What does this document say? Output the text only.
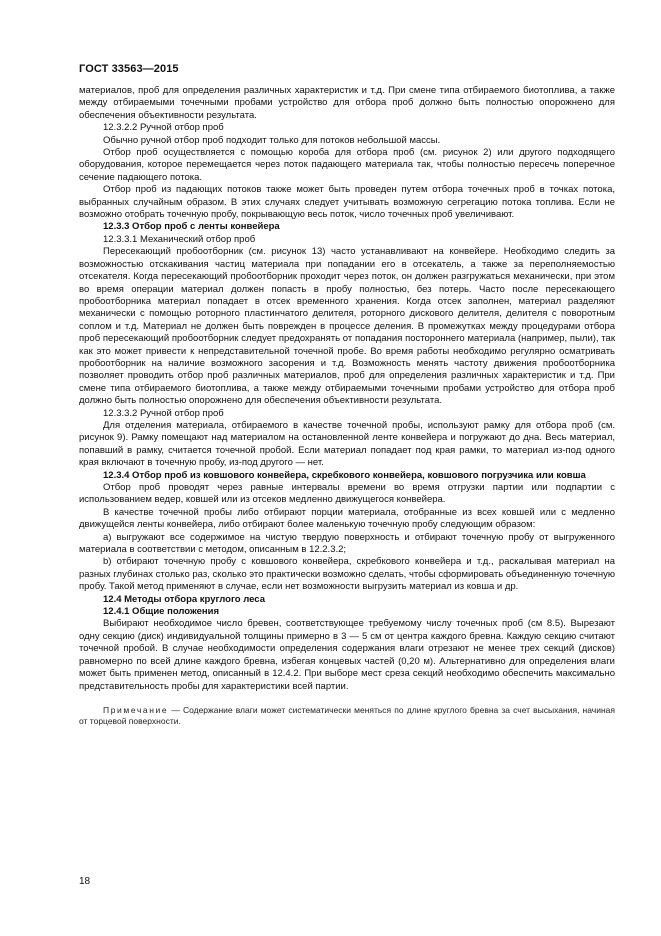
ГОСТ 33563—2015

материалов, проб для определения различных характеристик и т.д. При смене типа отбираемого биотоплива, а также между отбираемыми точечными пробами устройство для отбора проб должно быть полностью опорожнено для обеспечения объективности результата.

12.3.2.2 Ручной отбор проб

Обычно ручной отбор проб подходит только для потоков небольшой массы.

Отбор проб осуществляется с помощью короба для отбора проб (см. рисунок 2) или другого подходящего оборудования, которое перемещается через поток падающего материала так, чтобы полностью пересечь поперечное сечение падающего потока.

Отбор проб из падающих потоков также может быть проведен путем отбора точечных проб в точках потока, выбранных случайным образом. В этих случаях следует учитывать возможную сегрегацию потока топлива. Если не возможно отобрать точечную пробу, покрывающую весь поток, число точечных проб увеличивают.

12.3.3 Отбор проб с ленты конвейера

12.3.3.1 Механический отбор проб

Пересекающий пробоотборник (см. рисунок 13) часто устанавливают на конвейере. Необходимо следить за возможностью отскакивания частиц материала при попадании его в отсекатель, а также за переполняемостью отсекателя. Когда пересекающий пробоотборник проходит через поток, он должен разгружаться механически, при этом во время операции материал должен попасть в пробу полностью, без потерь. Часто после пересекающего пробоотборника материал попадает в отсек временного хранения. Когда отсек заполнен, материал разделяют механически с помощью роторного пластинчатого делителя, роторного дискового делителя, делителя с поворотным соплом и т.д. Материал не должен быть поврежден в процессе деления. В промежутках между процедурами отбора проб пересекающий пробоотборник следует предохранять от попадания постороннего материала (например, пыли), так как это может привести к непредставительной точечной пробе. Во время работы необходимо регулярно осматривать пробоотборник на наличие возможного засорения и т.д. Возможность менять частоту движения пробоотборника позволяет проводить отбор проб различных материалов, проб для определения различных характеристик и т.д. При смене типа отбираемого биотоплива, а также между отбираемыми точечными пробами устройство для отбора проб должно быть полностью опорожнено для обеспечения объективности результата.

12.3.3.2 Ручной отбор проб

Для отделения материала, отбираемого в качестве точечной пробы, используют рамку для отбора проб (см. рисунок 9). Рамку помещают над материалом на остановленной ленте конвейера и погружают до дна. Весь материал, попавший в рамку, считается точечной пробой. Если материал попадает под края рамки, то материал из-под одного края включают в точечную пробу, из-под другого — нет.

12.3.4 Отбор проб из ковшового конвейера, скребкового конвейера, ковшового погрузчика или ковша

Отбор проб проводят через равные интервалы времени во время отгрузки партии или подпартии с использованием ведер, ковшей или из отсеков медленно движущегося конвейера.

В качестве точечной пробы либо отбирают порции материала, отобранные из всех ковшей или с медленно движущейся ленты конвейера, либо отбирают более маленькую точечную пробу следующим образом:

a) выгружают все содержимое на чистую твердую поверхность и отбирают точечную пробу от выгруженного материала в соответствии с методом, описанным в 12.2.3.2;

b) отбирают точечную пробу с ковшового конвейера, скребкового конвейера и т.д., раскалывая материал на разных глубинах столько раз, сколько это практически возможно сделать, чтобы сформировать объединенную точечную пробу. Такой метод применяют в случае, если нет возможности выгрузить материал из ковша и др.

12.4 Методы отбора круглого леса

12.4.1 Общие положения

Выбирают необходимое число бревен, соответствующее требуемому числу точечных проб (см 8.5). Вырезают одну секцию (диск) индивидуальной толщины примерно в 3 — 5 см от центра каждого бревна. Каждую секцию считают точечной пробой. В случае необходимости определения содержания влаги отрезают не менее трех секций (дисков) равномерно по всей длине каждого бревна, избегая концевых частей (0,20 м). Альтернативно для определения влаги может быть применен метод, описанный в 12.4.2. При выборе мест среза секций необходимо обеспечить максимально представительность пробы для характеристики всей партии.

Примечание — Содержание влаги может систематически меняться по длине круглого бревна за счет высыхания, начиная от торцевой поверхности.

18
